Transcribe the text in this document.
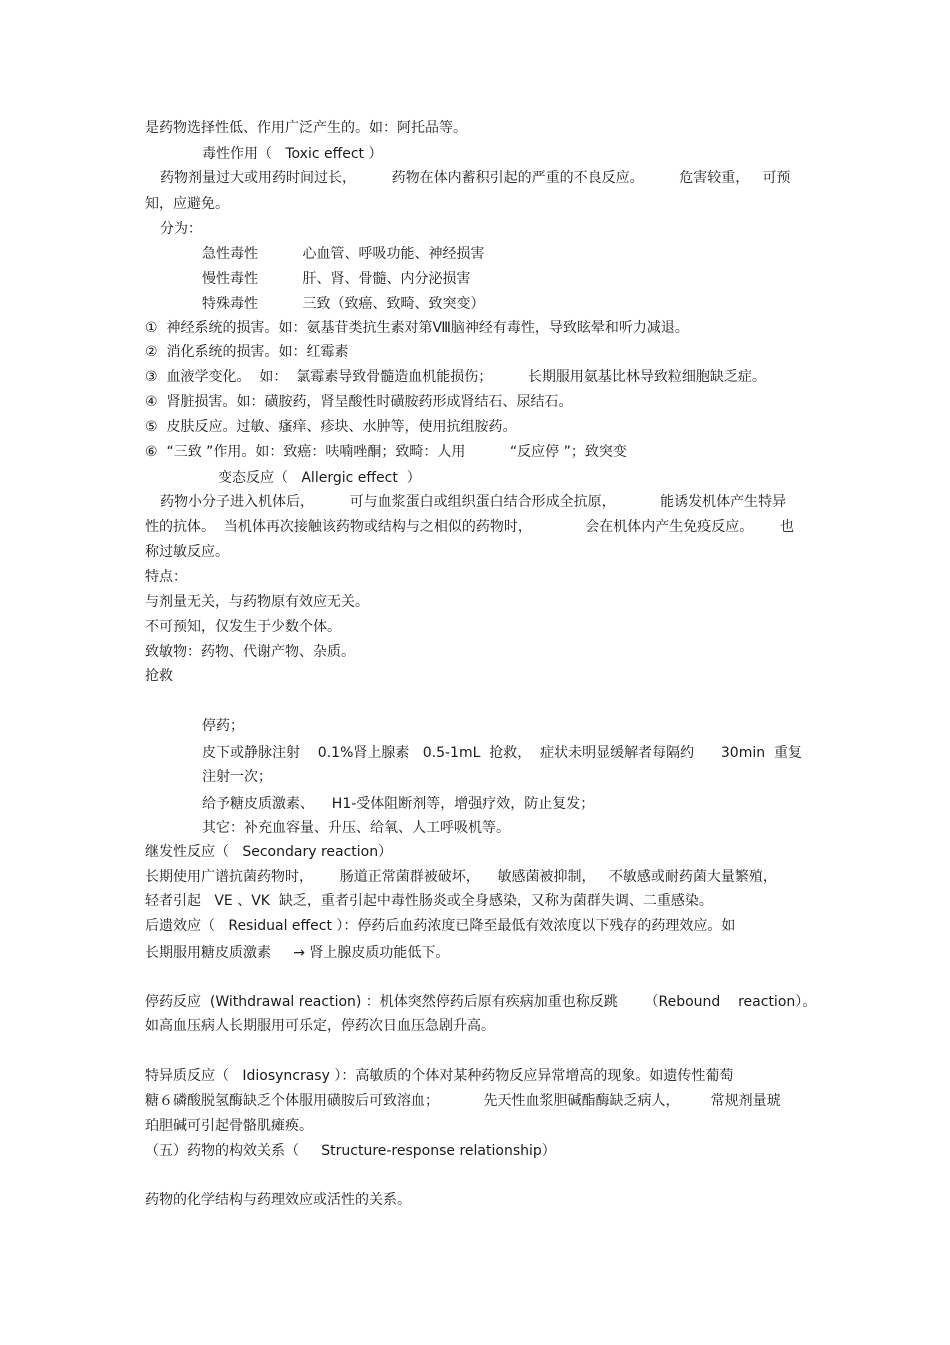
是药物选择性低、作用广泛产生的。如：阿托品等。
毒性作用（   Toxic effect ）
药物剂量过大或用药时间过长，        药物在体内蓄积引起的严重的不良反应。        危害较重，   可预
知，应避免。
分为：
急性毒性          心血管、呼吸功能、神经损害
慢性毒性          肝、肾、骨髓、内分泌损害
特殊毒性          三致（致癌、致畸、致突变）
①  神经系统的损害。如：氨基苷类抗生素对第Ⅷ脑神经有毒性，导致眩晕和听力减退。
②  消化系统的损害。如：红霉素
③  血液学变化。  如：  氯霉素导致骨髓造血机能损伤；        长期服用氨基比林导致粒细胞缺乏症。
④  肾脏损害。如：磺胺药，肾呈酸性时磺胺药形成肾结石、尿结石。
⑤  皮肤反应。过敏、瘙痒、疹块、水肿等，使用抗组胺药。
⑥  “三致 ”作用。如：致癌：呋喃唑酮；致畸：人用          “反应停 ”；致突变
变态反应（   Allergic effect  ）
药物小分子进入机体后，        可与血浆蛋白或组织蛋白结合形成全抗原，          能诱发机体产生特异
性的抗体。  当机体再次接触该药物或结构与之相似的药物时，            会在机体内产生免疫反应。      也
称过敏反应。
特点：
与剂量无关，与药物原有效应无关。
不可预知，仅发生于少数个体。
致敏物：药物、代谢产物、杂质。
抢救
停药；
皮下或静脉注射    0.1%肾上腺素   0.5-1mL  抢救，  症状未明显缓解者每隔约      30min  重复
注射一次；
给予糖皮质激素、    H1-受体阻断剂等，增强疗效，防止复发；
其它：补充血容量、升压、给氧、人工呼吸机等。
继发性反应（   Secondary reaction）
长期使用广谱抗菌药物时，      肠道正常菌群被破坏，    敏感菌被抑制，   不敏感或耐药菌大量繁殖，
轻者引起   VE 、VK  缺乏，重者引起中毒性肠炎或全身感染，又称为菌群失调、二重感染。
后遗效应（   Residual effect ）：停药后血药浓度已降至最低有效浓度以下残存的药理效应。如
长期服用糖皮质激素     → 肾上腺皮质功能低下。
停药反应  (Withdrawal reaction) ：机体突然停药后原有疾病加重也称反跳      （Rebound    reaction）。
如高血压病人长期服用可乐定，停药次日血压急剧升高。
特异质反应（   Idiosyncrasy ）：高敏质的个体对某种药物反应异常增高的现象。如遗传性葡萄
糖６磷酸脱氢酶缺乏个体服用磺胺后可致溶血；          先天性血浆胆碱酯酶缺乏病人，       常规剂量琥
珀胆碱可引起骨骼肌瘫痪。
（五）药物的构效关系（     Structure-response relationship）
药物的化学结构与药理效应或活性的关系。
